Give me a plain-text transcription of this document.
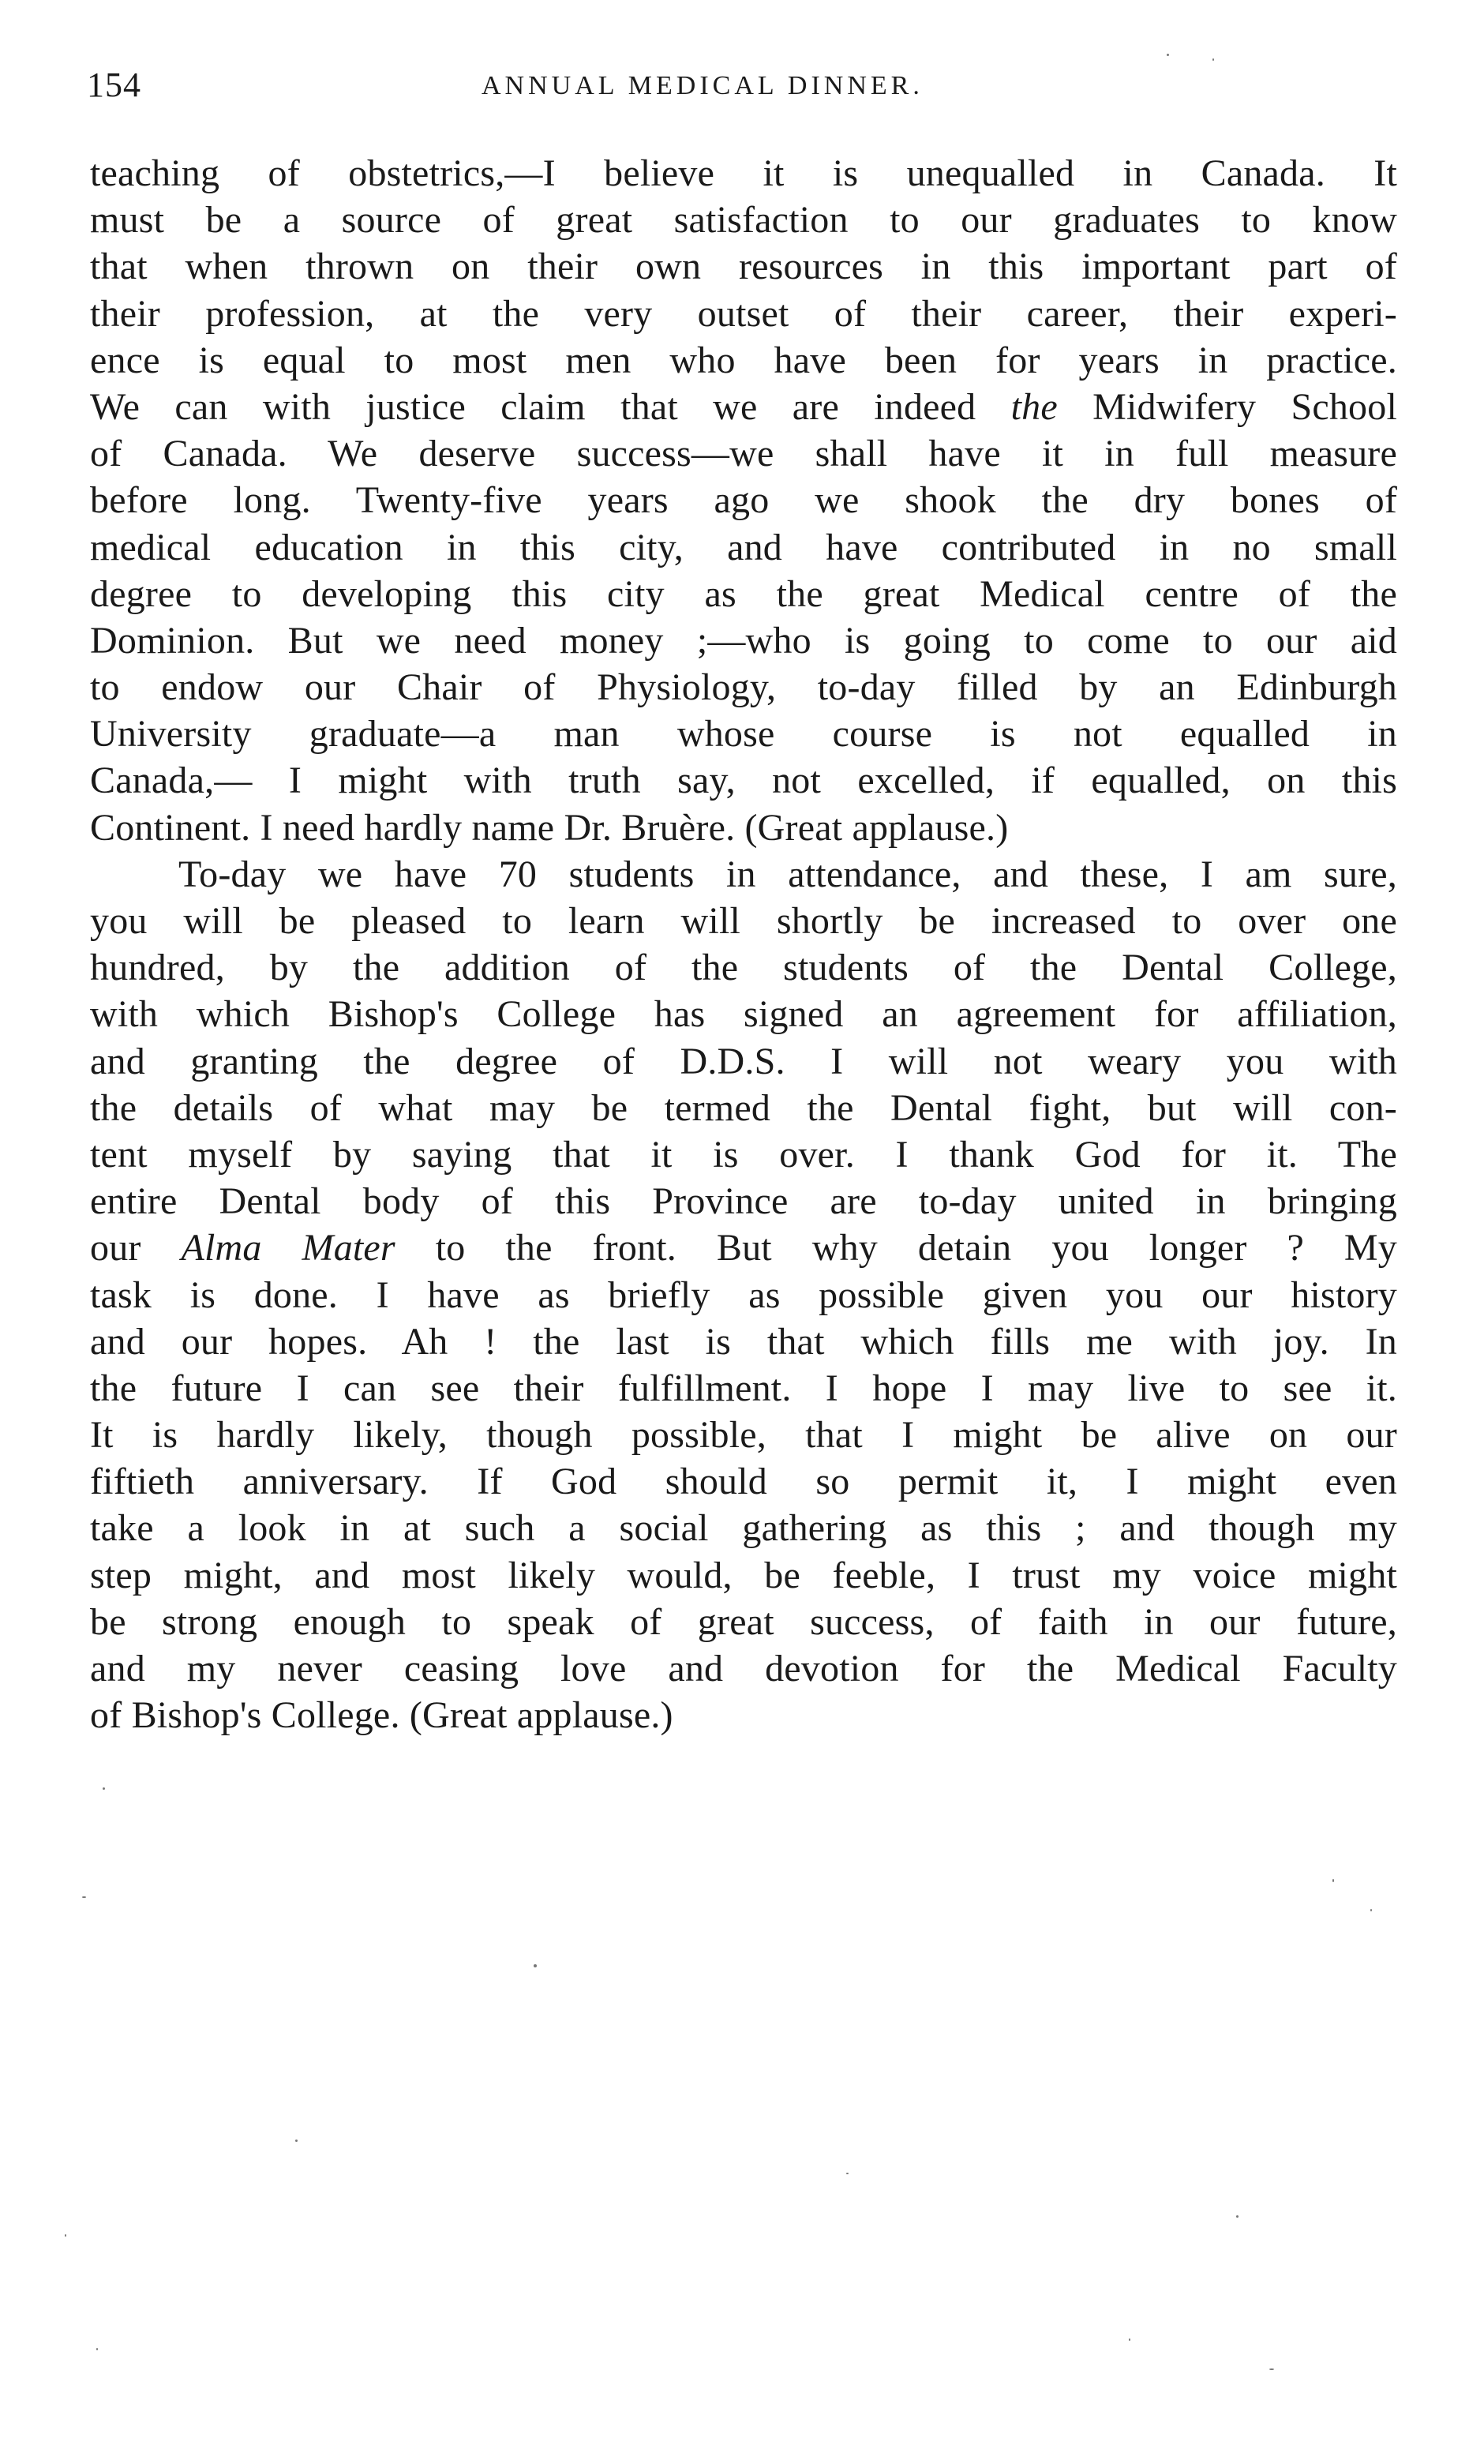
154	ANNUAL MEDICAL DINNER.
teaching of obstetrics,—I believe it is unequalled in Canada. It
must be a source of great satisfaction to our graduates to know
that when thrown on their own resources in this important part of
their profession, at the very outset of their career, their experi-
ence is equal to most men who have been for years in practice.
We can with justice claim that we are indeed the Midwifery School
of Canada. We deserve success—we shall have it in full measure
before long. Twenty-five years ago we shook the dry bones of
medical education in this city, and have contributed in no small
degree to developing this city as the great Medical centre of the
Dominion. But we need money ;—who is going to come to our aid
to endow our Chair of Physiology, to-day filled by an Edinburgh
University graduate—a man whose course is not equalled in
Canada,— I might with truth say, not excelled, if equalled, on this
Continent. I need hardly name Dr. Bruère. (Great applause.)
To-day we have 70 students in attendance, and these, I am sure,
you will be pleased to learn will shortly be increased to over one
hundred, by the addition of the students of the Dental College,
with which Bishop's College has signed an agreement for affiliation,
and granting the degree of D.D.S. I will not weary you with
the details of what may be termed the Dental fight, but will con-
tent myself by saying that it is over. I thank God for it. The
entire Dental body of this Province are to-day united in bringing
our Alma Mater to the front. But why detain you longer ? My
task is done. I have as briefly as possible given you our history
and our hopes. Ah ! the last is that which fills me with joy. In
the future I can see their fulfillment. I hope I may live to see it.
It is hardly likely, though possible, that I might be alive on our
fiftieth anniversary. If God should so permit it, I might even
take a look in at such a social gathering as this ; and though my
step might, and most likely would, be feeble, I trust my voice might
be strong enough to speak of great success, of faith in our future,
and my never ceasing love and devotion for the Medical Faculty
of Bishop's College. (Great applause.)
